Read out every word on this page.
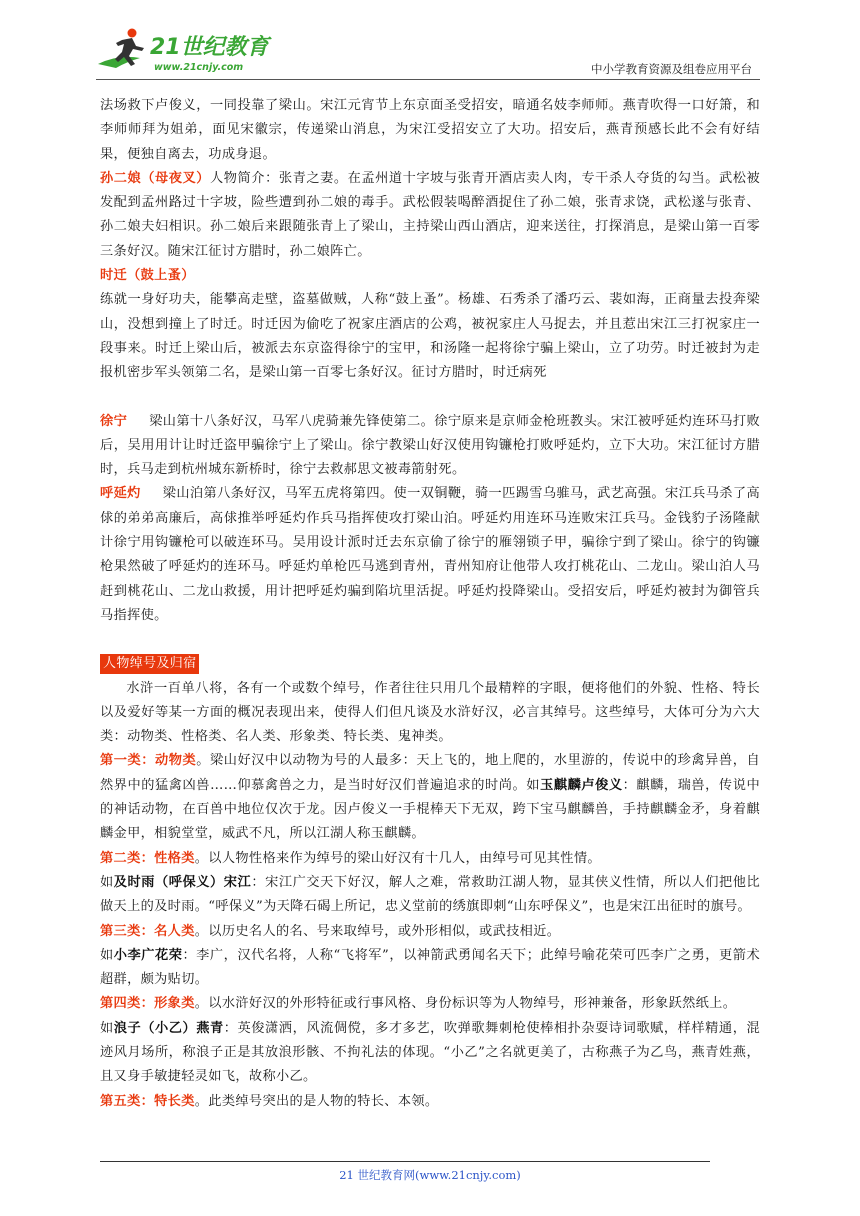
21世纪教育
www.21cnjy.com	中小学教育资源及组卷应用平台

法场救下卢俊义，一同投靠了梁山。宋江元宵节上东京面圣受招安，暗通名妓李师师。燕青吹得一口好箫，和李师师拜为姐弟，面见宋徽宗，传递梁山消息，为宋江受招安立了大功。招安后，燕青预感长此不会有好结果，便独自离去，功成身退。

孙二娘（母夜叉）人物简介：张青之妻。在孟州道十字坡与张青开酒店卖人肉，专干杀人夺货的勾当。武松被发配到孟州路过十字坡，险些遭到孙二娘的毒手。武松假装喝醉酒捉住了孙二娘，张青求饶，武松遂与张青、孙二娘夫妇相识。孙二娘后来跟随张青上了梁山，主持梁山西山酒店，迎来送往，打探消息，是梁山第一百零三条好汉。随宋江征讨方腊时，孙二娘阵亡。

时迁（鼓上蚤）

练就一身好功夫，能攀高走壁，盗墓做贼，人称“鼓上蚤”。杨雄、石秀杀了潘巧云、裴如海，正商量去投奔梁山，没想到撞上了时迁。时迁因为偷吃了祝家庄酒店的公鸡，被祝家庄人马捉去，并且惹出宋江三打祝家庄一段事来。时迁上梁山后，被派去东京盗得徐宁的宝甲，和汤隆一起将徐宁骗上梁山，立了功劳。时迁被封为走报机密步军头领第二名，是梁山第一百零七条好汉。征讨方腊时，时迁病死

徐宁 梁山第十八条好汉，马军八虎骑兼先锋使第二。徐宁原来是京师金枪班教头。宋江被呼延灼连环马打败后，吴用用计让时迁盗甲骗徐宁上了梁山。徐宁教梁山好汉使用钩镰枪打败呼延灼，立下大功。宋江征讨方腊时，兵马走到杭州城东新桥时，徐宁去救郝思文被毒箭射死。

呼延灼 梁山泊第八条好汉，马军五虎将第四。使一双铜鞭，骑一匹踢雪乌骓马，武艺高强。宋江兵马杀了高俅的弟弟高廉后，高俅推举呼延灼作兵马指挥使攻打梁山泊。呼延灼用连环马连败宋江兵马。金钱豹子汤隆献计徐宁用钩镰枪可以破连环马。吴用设计派时迁去东京偷了徐宁的雁翎锁子甲，骗徐宁到了梁山。徐宁的钩镰枪果然破了呼延灼的连环马。呼延灼单枪匹马逃到青州，青州知府让他带人攻打桃花山、二龙山。梁山泊人马赶到桃花山、二龙山救援，用计把呼延灼骗到陷坑里活捉。呼延灼投降梁山。受招安后，呼延灼被封为御管兵马指挥使。

人物绰号及归宿

水浒一百单八将，各有一个或数个绰号，作者往往只用几个最精粹的字眼，便将他们的外貌、性格、特长以及爱好等某一方面的概况表现出来，使得人们但凡谈及水浒好汉，必言其绰号。这些绰号，大体可分为六大类：动物类、性格类、名人类、形象类、特长类、鬼神类。

第一类：动物类。梁山好汉中以动物为号的人最多：天上飞的，地上爬的，水里游的，传说中的珍禽异兽，自然界中的猛禽凶兽……仰慕禽兽之力，是当时好汉们普遍追求的时尚。如玉麒麟卢俊义：麒麟，瑞兽，传说中的神话动物，在百兽中地位仅次于龙。因卢俊义一手棍棒天下无双，跨下宝马麒麟兽，手持麒麟金矛，身着麒麟金甲，相貌堂堂，威武不凡，所以江湖人称玉麒麟。

第二类：性格类。以人物性格来作为绰号的梁山好汉有十几人，由绰号可见其性情。

如及时雨（呼保义）宋江：宋江广交天下好汉，解人之难，常救助江湖人物，显其侠义性情，所以人们把他比做天上的及时雨。“呼保义”为天降石碣上所记，忠义堂前的绣旗即刺“山东呼保义”，也是宋江出征时的旗号。

第三类：名人类。以历史名人的名、号来取绰号，或外形相似，或武技相近。

如小李广花荣：李广，汉代名将，人称“飞将军”，以神箭武勇闻名天下；此绰号喻花荣可匹李广之勇，更箭术超群，颇为贴切。

第四类：形象类。以水浒好汉的外形特征或行事风格、身份标识等为人物绰号，形神兼备，形象跃然纸上。

如浪子（小乙）燕青：英俊潇洒，风流倜傥，多才多艺，吹弹歌舞刺枪使棒相扑杂耍诗词歌赋，样样精通，混迹风月场所，称浪子正是其放浪形骸、不拘礼法的体现。“小乙”之名就更美了，古称燕子为乙鸟，燕青姓燕，且又身手敏捷轻灵如飞，故称小乙。

第五类：特长类。此类绰号突出的是人物的特长、本领。

21 世纪教育网(www.21cnjy.com)
